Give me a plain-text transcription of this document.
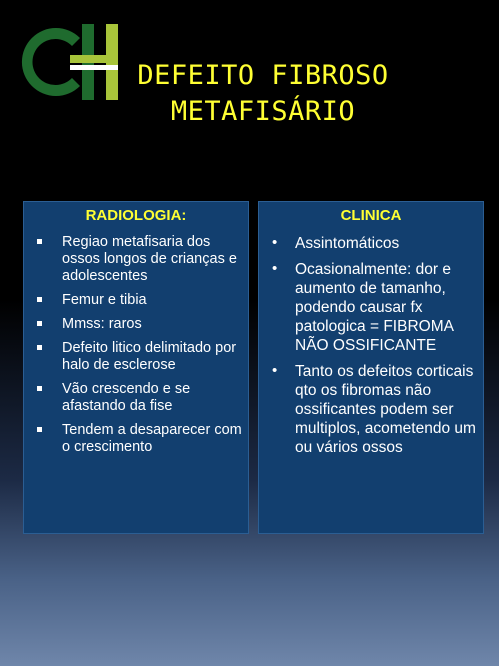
DEFEITO FIBROSO
METAFISÁRIO
RADIOLOGIA:
Regiao metafisaria dos ossos longos de crianças e adolescentes
Femur e tibia
Mmss: raros
Defeito litico delimitado por halo de esclerose
Vão crescendo e se afastando da fise
Tendem a desaparecer com o crescimento
CLINICA
• Assintomáticos
• Ocasionalmente: dor e aumento de tamanho, podendo causar fx patologica = FIBROMA NÃO OSSIFICANTE
• Tanto os defeitos corticais qto os fibromas não ossificantes podem ser multiplos, acometendo um ou vários ossos
